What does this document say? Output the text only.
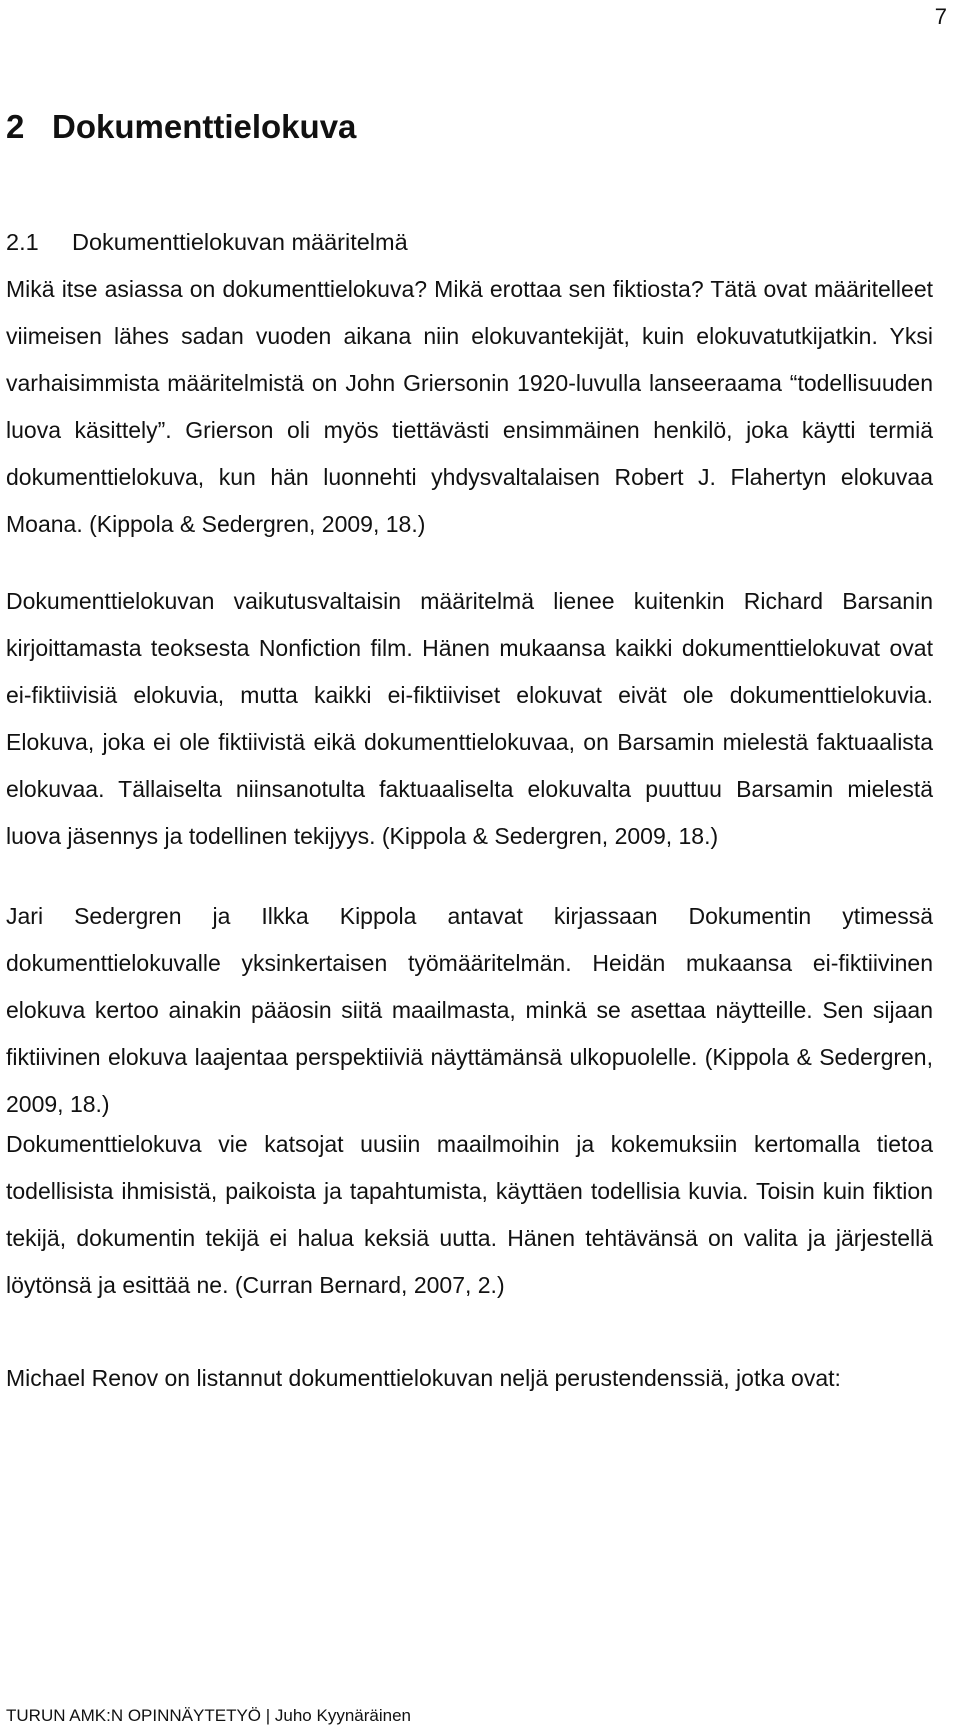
7
2 Dokumenttielokuva
2.1 Dokumenttielokuvan määritelmä

Mikä itse asiassa on dokumenttielokuva? Mikä erottaa sen fiktiosta? Tätä ovat määritelleet viimeisen lähes sadan vuoden aikana niin elokuvantekijät, kuin elokuvatutkijatkin. Yksi varhaisimmista määritelmistä on John Griersonin 1920-luvulla lanseeraama “todellisuuden luova käsittely”. Grierson oli myös tiettävästi ensimmäinen henkilö, joka käytti termiä dokumenttielokuva, kun hän luonnehti yhdysvaltalaisen Robert J. Flahertyn elokuvaa Moana. (Kippola & Sedergren, 2009, 18.)

Dokumenttielokuvan vaikutusvaltaisin määritelmä lienee kuitenkin Richard Barsanin kirjoittamasta teoksesta Nonfiction film. Hänen mukaansa kaikki dokumenttielokuvat ovat ei-fiktiivisiä elokuvia, mutta kaikki ei-fiktiiviset elokuvat eivät ole dokumenttielokuvia. Elokuva, joka ei ole fiktiivistä eikä dokumenttielokuvaa, on Barsamin mielestä faktuaalista elokuvaa. Tällaiselta niinsanotulta faktuaaliselta elokuvalta puuttuu Barsamin mielestä luova jäsennys ja todellinen tekijyys. (Kippola & Sedergren, 2009, 18.)

Jari Sedergren ja Ilkka Kippola antavat kirjassaan Dokumentin ytimessä dokumenttielokuvalle yksinkertaisen työmääritelmän. Heidän mukaansa ei-fiktiivinen elokuva kertoo ainakin pääosin siitä maailmasta, minkä se asettaa näytteille. Sen sijaan fiktiivinen elokuva laajentaa perspektiiviä näyttämänsä ulkopuolelle. (Kippola & Sedergren, 2009, 18.)

Dokumenttielokuva vie katsojat uusiin maailmoihin ja kokemuksiin kertomalla tietoa todellisista ihmisistä, paikoista ja tapahtumista, käyttäen todellisia kuvia. Toisin kuin fiktion tekijä, dokumentin tekijä ei halua keksiä uutta. Hänen tehtävänsä on valita ja järjestellä löytönsä ja esittää ne. (Curran Bernard, 2007, 2.)

Michael Renov on listannut dokumenttielokuvan neljä perustendenssiä, jotka ovat:

TURUN AMK:N OPINNÄYTETYÖ | Juho Kyynäräinen
